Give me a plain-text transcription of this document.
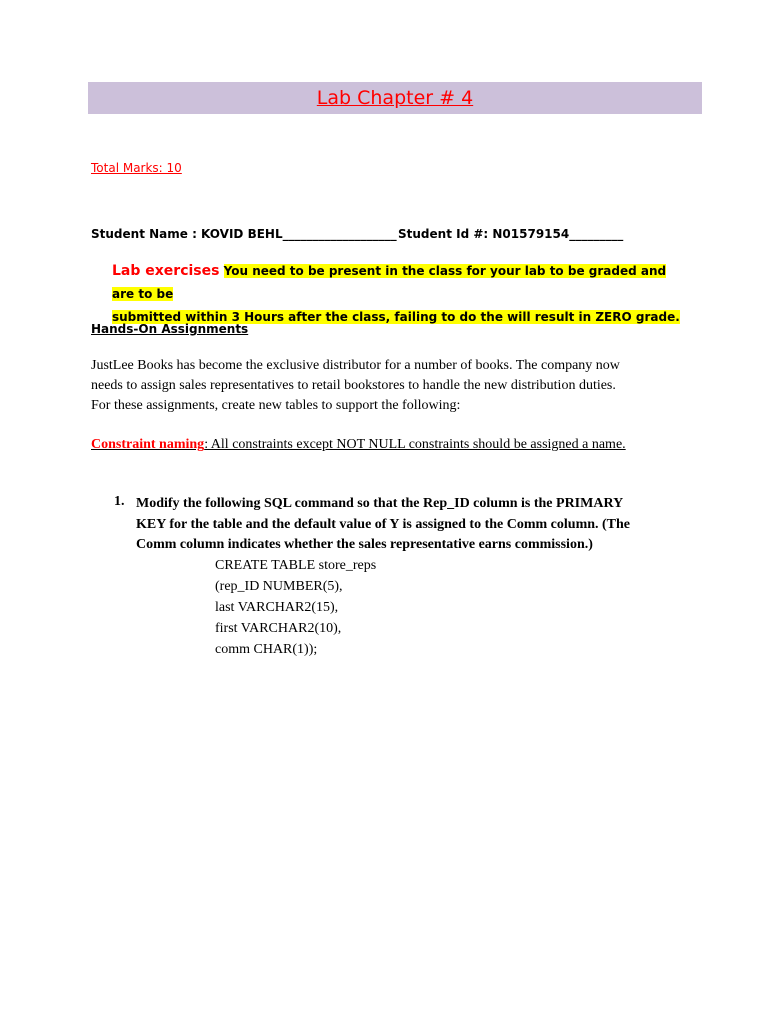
Lab Chapter # 4
Total Marks: 10
Student Name : KOVID BEHL___________________ Student Id #: N01579154_________
Lab exercises You need to be present in the class for your lab to be graded and are to be
submitted within 3 Hours after the class, failing to do the will result in ZERO grade.
Hands-On Assignments
JustLee Books has become the exclusive distributor for a number of books. The company now
needs to assign sales representatives to retail bookstores to handle the new distribution duties.
For these assignments, create new tables to support the following:
Constraint naming: All constraints except NOT NULL constraints should be assigned a name.
1. Modify the following SQL command so that the Rep_ID column is the PRIMARY
KEY for the table and the default value of Y is assigned to the Comm column. (The
Comm column indicates whether the sales representative earns commission.)
CREATE TABLE store_reps
(rep_ID NUMBER(5),
last VARCHAR2(15),
first VARCHAR2(10),
comm CHAR(1));
